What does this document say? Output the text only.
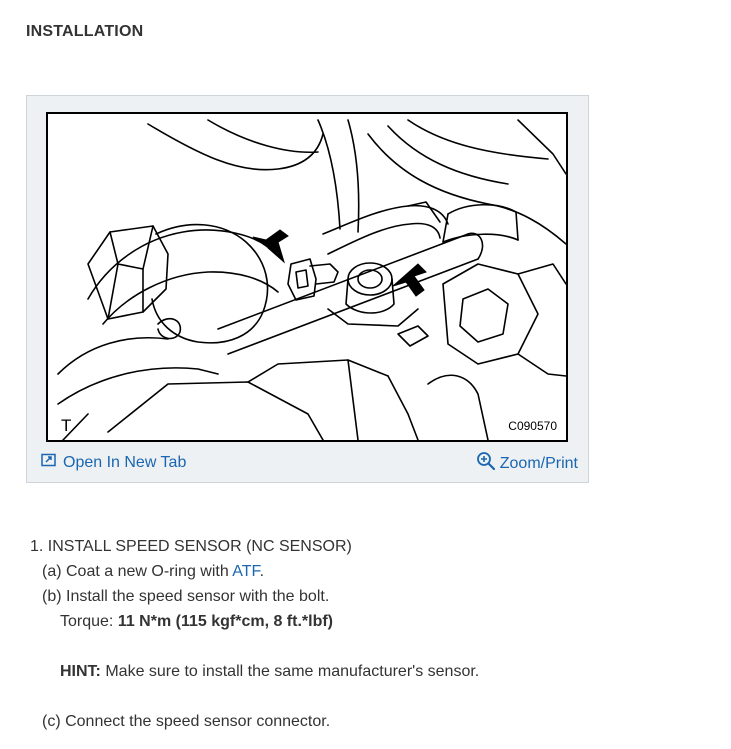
INSTALLATION
T	C090570
Open In New Tab	Zoom/Print
1. INSTALL SPEED SENSOR (NC SENSOR)
(a) Coat a new O-ring with ATF.
(b) Install the speed sensor with the bolt.
Torque: 11 N*m (115 kgf*cm, 8 ft.*lbf)
HINT: Make sure to install the same manufacturer's sensor.
(c) Connect the speed sensor connector.
